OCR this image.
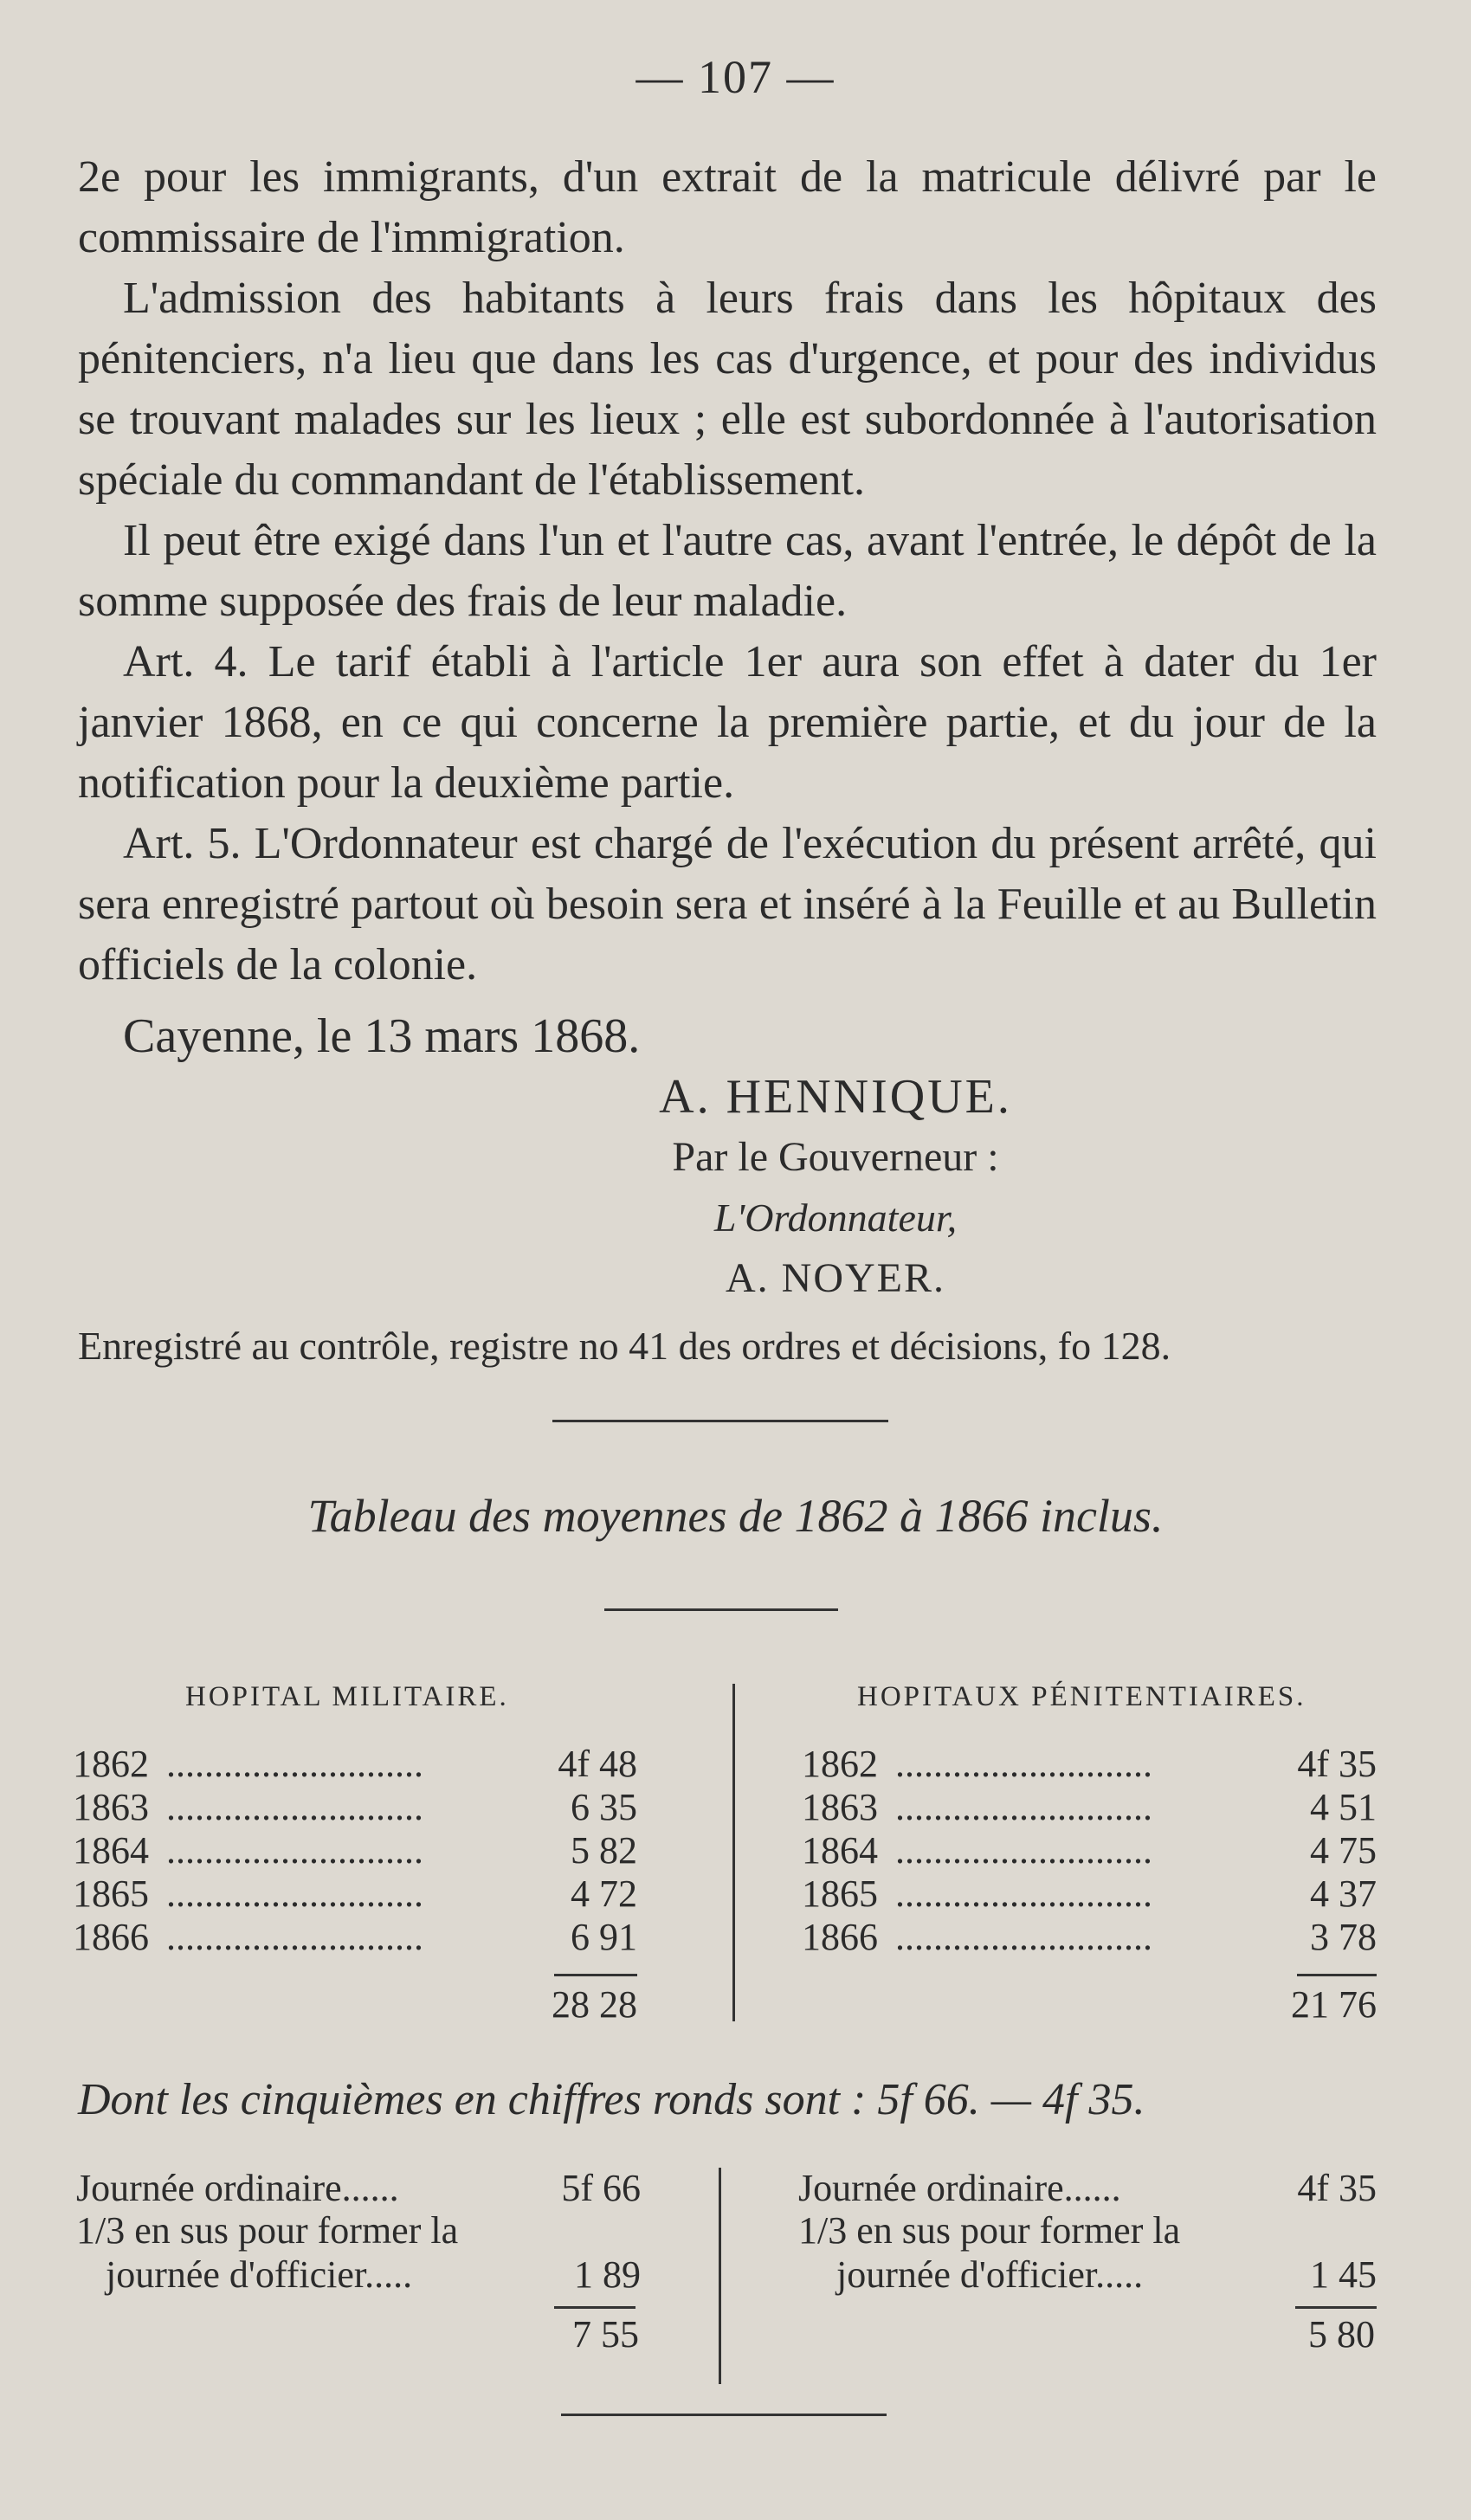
— 107 —

2e pour les immigrants, d'un extrait de la matricule délivré par le commissaire de l'immigration.

L'admission des habitants à leurs frais dans les hôpitaux des pénitenciers, n'a lieu que dans les cas d'urgence, et pour des individus se trouvant malades sur les lieux ; elle est subordonnée à l'autorisation spéciale du commandant de l'établissement.

Il peut être exigé dans l'un et l'autre cas, avant l'entrée, le dépôt de la somme supposée des frais de leur maladie.

Art. 4. Le tarif établi à l'article 1er aura son effet à dater du 1er janvier 1868, en ce qui concerne la première partie, et du jour de la notification pour la deuxième partie.

Art. 5. L'Ordonnateur est chargé de l'exécution du présent arrêté, qui sera enregistré partout où besoin sera et inséré à la Feuille et au Bulletin officiels de la colonie.

Cayenne, le 13 mars 1868.

A. HENNIQUE.

Par le Gouverneur :

L'Ordonnateur,

A. NOYER.

Enregistré au contrôle, registre no 41 des ordres et décisions, fo 128.

Tableau des moyennes de 1862 à 1866 inclus.
HOPITAL MILITAIRE.	HOPITAUX PÉNITENTIAIRES.
1862 ...........................	4f 48
1863 ...........................	6 35
1864 ...........................	5 82
1865 ...........................	4 72
1866 ...........................	6 91
28 28
1862 ...........................	4f 35
1863 ...........................	4 51
1864 ...........................	4 75
1865 ...........................	4 37
1866 ...........................	3 78
21 76
Dont les cinquièmes en chiffres ronds sont : 5f 66. — 4f 35.
Journée ordinaire......	5f 66
1/3 en sus pour former la
journée d'officier.....	1 89
7 55
Journée ordinaire......	4f 35
1/3 en sus pour former la
journée d'officier.....	1 45
5 80
